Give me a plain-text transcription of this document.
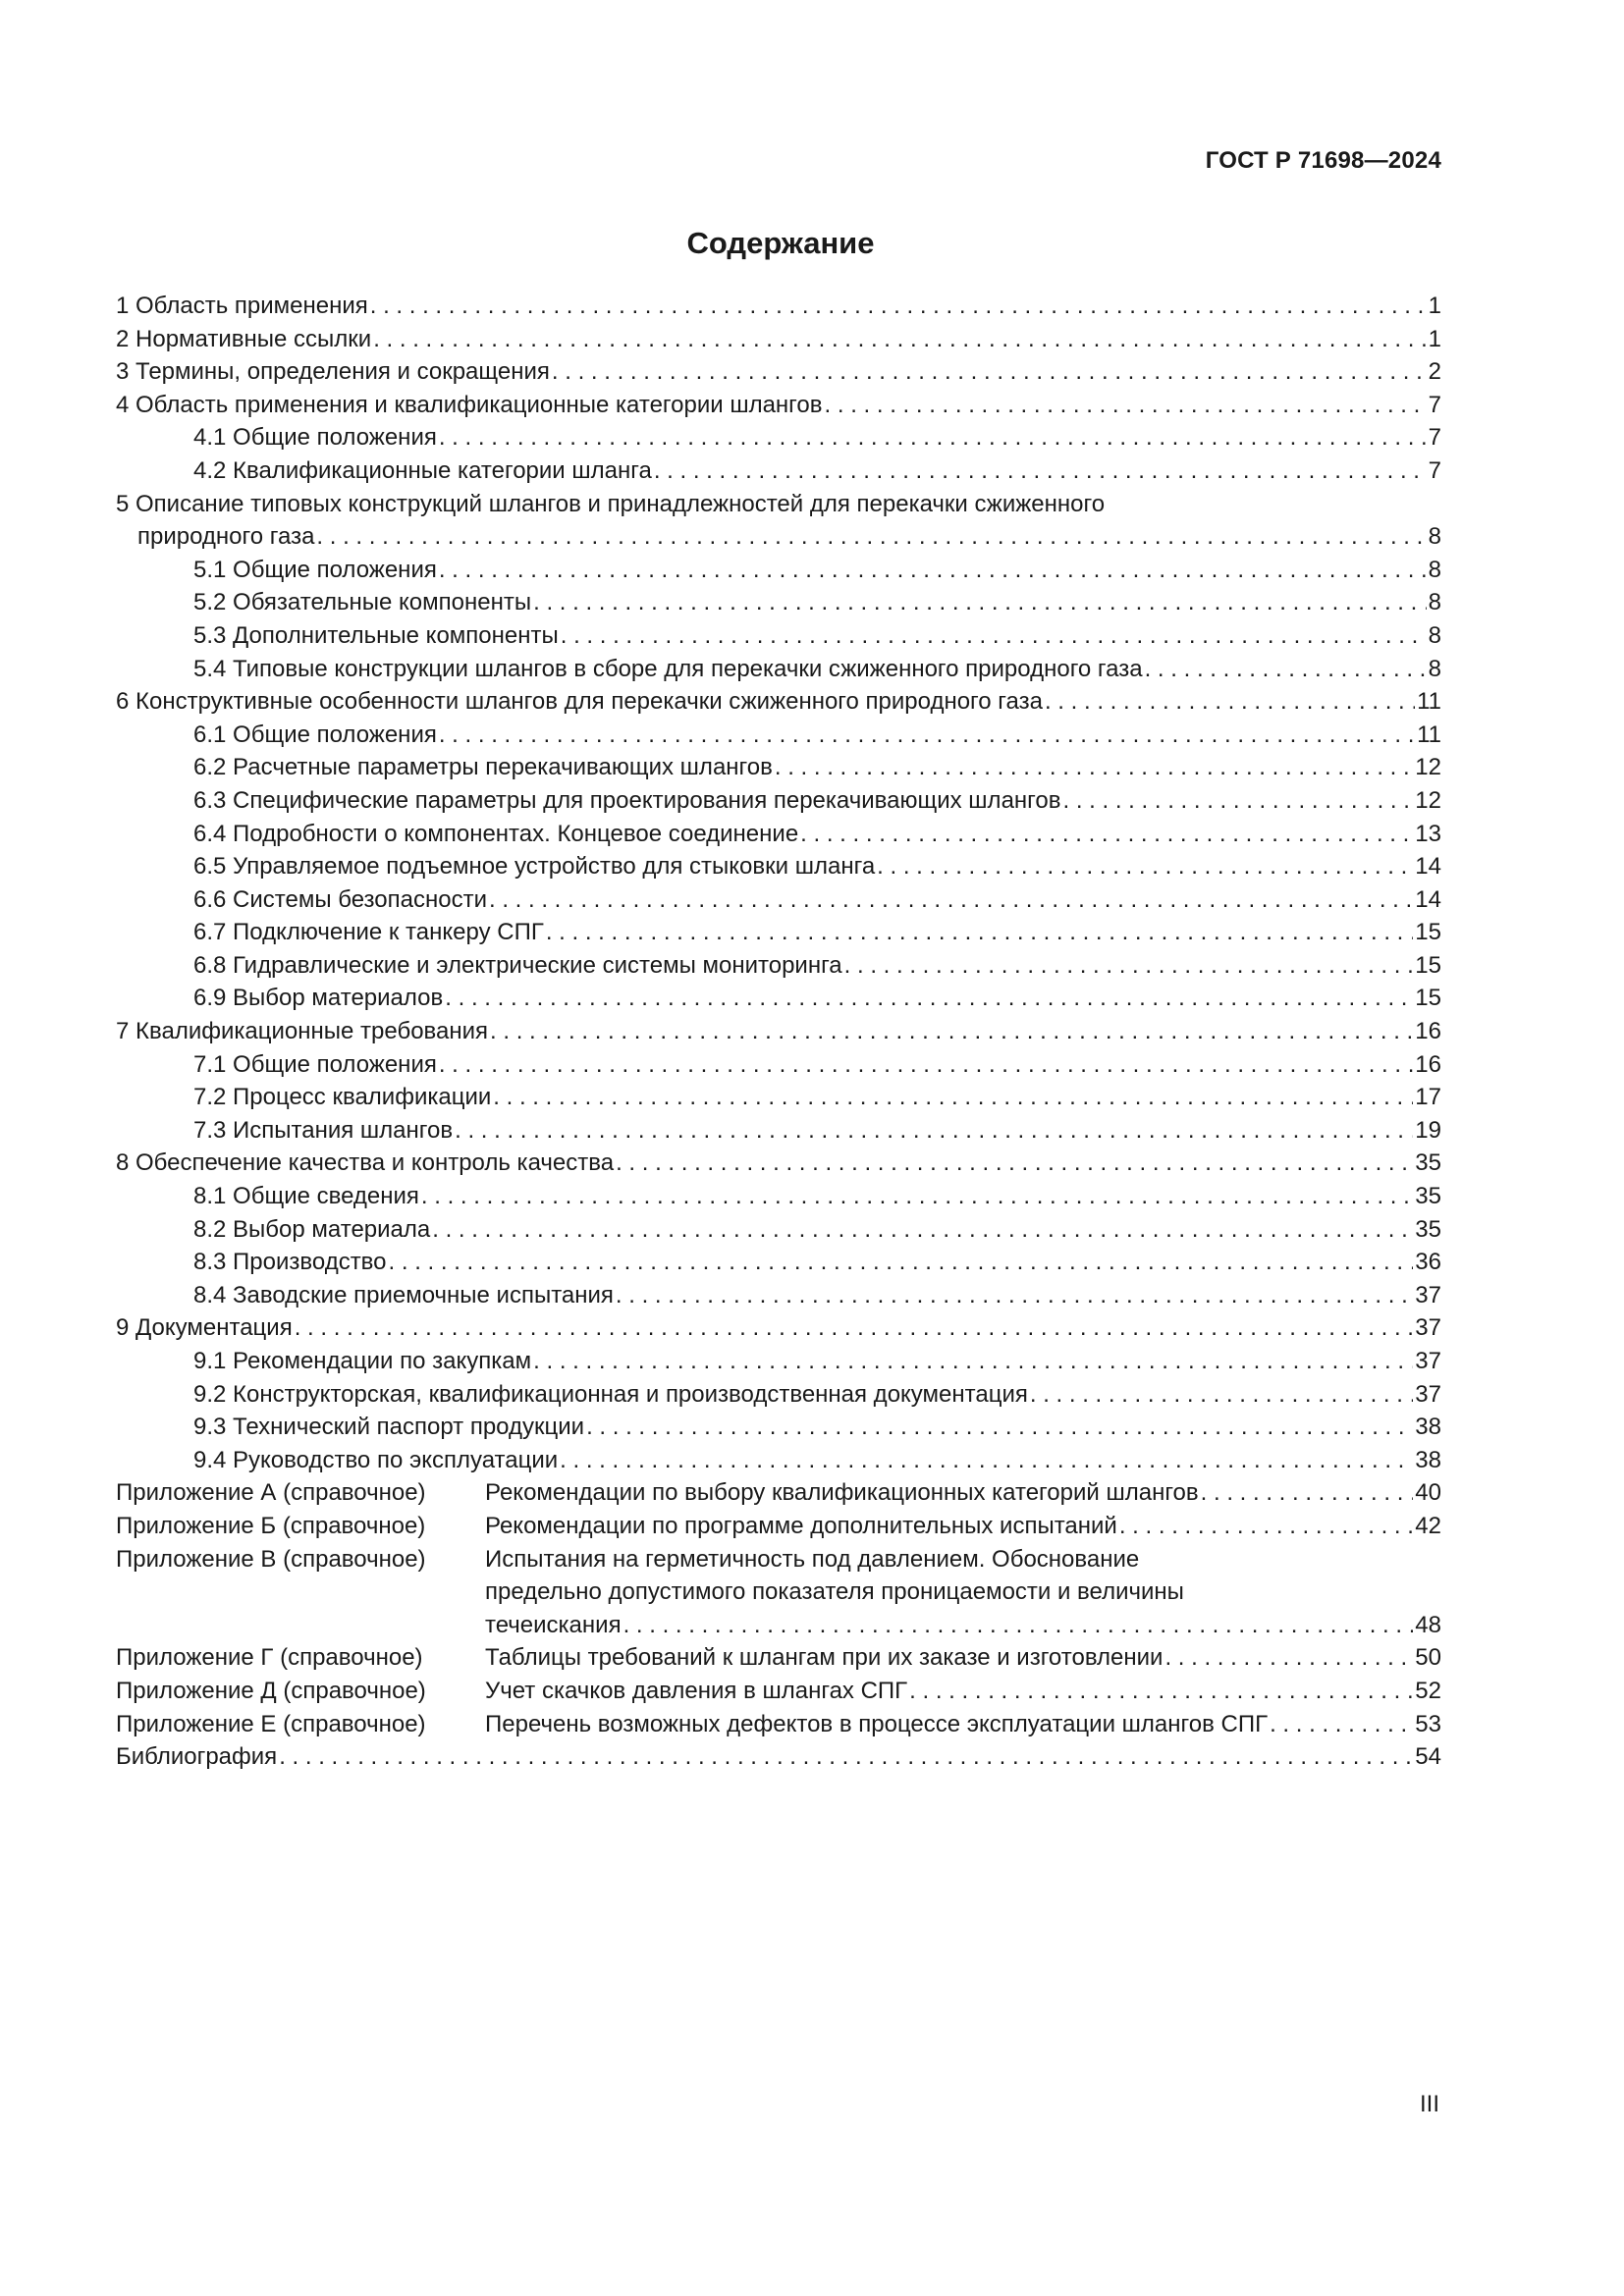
ГОСТ Р 71698—2024
Содержание
1 Область применения . . .	1
2 Нормативные ссылки . . .	1
3 Термины, определения и сокращения . . .	2
4 Область применения и квалификационные категории шлангов . . .	7
4.1 Общие положения . . .	7
4.2 Квалификационные категории шланга . . .	7
5 Описание типовых конструкций шлангов и принадлежностей для перекачки сжиженного
природного газа . . .	8
5.1 Общие положения . . .	8
5.2 Обязательные компоненты . . .	8
5.3 Дополнительные компоненты . . .	8
5.4 Типовые конструкции шлангов в сборе для перекачки сжиженного природного газа . . .	8
6 Конструктивные особенности шлангов для перекачки сжиженного природного газа . . .	11
6.1 Общие положения . . .	11
6.2 Расчетные параметры перекачивающих шлангов . . .	12
6.3 Специфические параметры для проектирования перекачивающих шлангов . . .	12
6.4 Подробности о компонентах. Концевое соединение . . .	13
6.5 Управляемое подъемное устройство для стыковки шланга . . .	14
6.6 Системы безопасности . . .	14
6.7 Подключение к танкеру СПГ . . .	15
6.8 Гидравлические и электрические системы мониторинга . . .	15
6.9 Выбор материалов . . .	15
7 Квалификационные требования . . .	16
7.1 Общие положения . . .	16
7.2 Процесс квалификации . . .	17
7.3 Испытания шлангов . . .	19
8 Обеспечение качества и контроль качества . . .	35
8.1 Общие сведения . . .	35
8.2 Выбор материала . . .	35
8.3 Производство . . .	36
8.4 Заводские приемочные испытания . . .	37
9 Документация . . .	37
9.1 Рекомендации по закупкам . . .	37
9.2 Конструкторская, квалификационная и производственная документация . . .	37
9.3 Технический паспорт продукции . . .	38
9.4 Руководство по эксплуатации . . .	38
Приложение А (справочное)	Рекомендации по выбору квалификационных категорий шлангов . . .	40
Приложение Б (справочное)	Рекомендации по программе дополнительных испытаний . . .	42
Приложение В (справочное)	Испытания на герметичность под давлением. Обоснование
предельно допустимого показателя проницаемости и величины
течеискания . . .	48
Приложение Г (справочное)	Таблицы требований к шлангам при их заказе и изготовлении . . .	50
Приложение Д (справочное)	Учет скачков давления в шлангах СПГ . . .	52
Приложение Е (справочное)	Перечень возможных дефектов в процессе эксплуатации шлангов СПГ . . .	53
Библиография . . .	54
III
